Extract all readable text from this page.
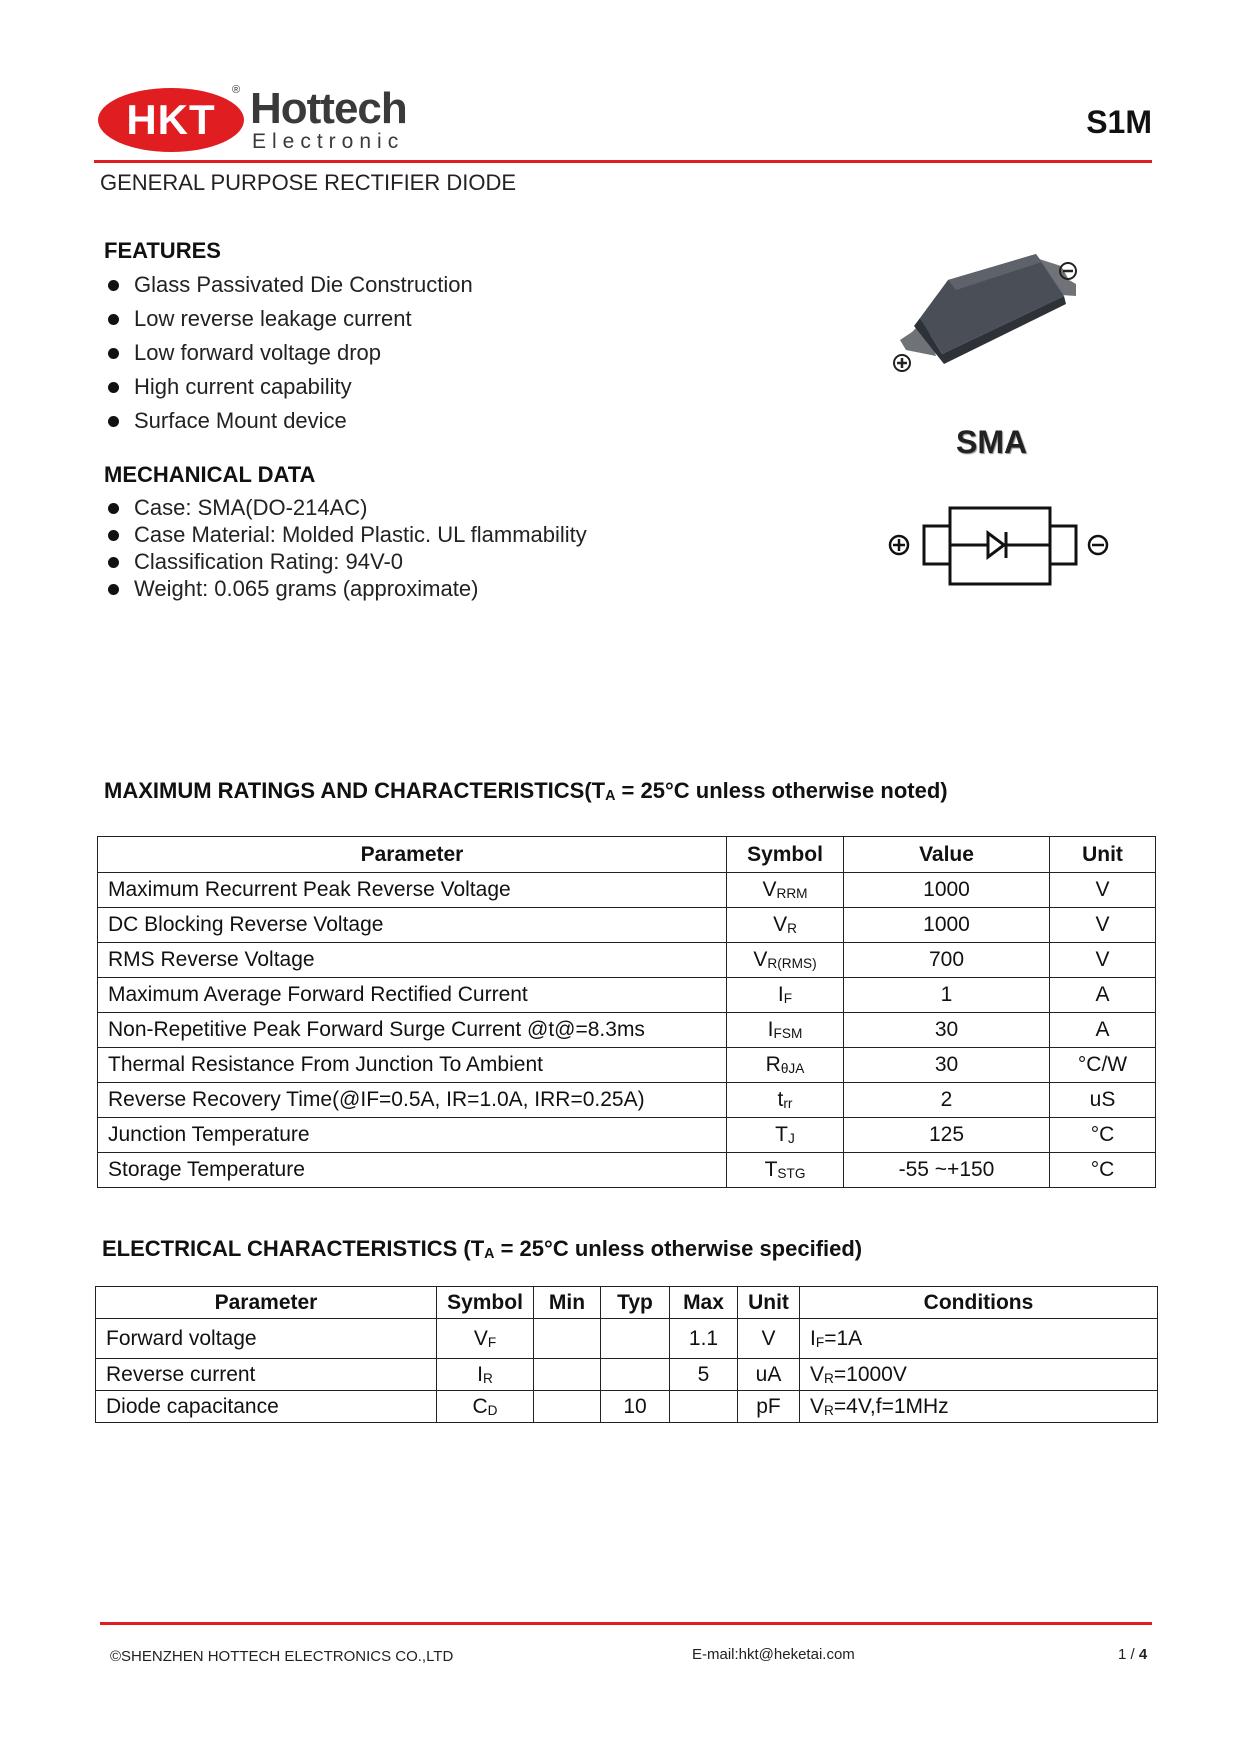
HKT
® Hottech
Electronic
S1M
GENERAL PURPOSE RECTIFIER DIODE
FEATURES
Glass Passivated Die Construction
Low reverse leakage current
Low forward voltage drop
High current capability
Surface Mount device
MECHANICAL DATA
Case: SMA(DO-214AC)
Case Material: Molded Plastic. UL flammability
Classification Rating: 94V-0
Weight: 0.065 grams (approximate)
SMA
MAXIMUM RATINGS AND $CHARACTERISTICS(T_A = 25^\circ C$ unless otherwise noted)
Parameter	Symbol	Value	Unit
Maximum Recurrent Peak Reverse Voltage	$V_{RRM}$	1000	V
DC Blocking Reverse Voltage	$V_R$	1000	V
RMS Reverse Voltage	$V_{R(RMS)}$	700	V
Maximum Average Forward Rectified Current	$I_F$	1	A
Non-Repetitive Peak Forward Surge Current @t@=8.3ms	$I_{FSM}$	30	A
Thermal Resistance From Junction To Ambient	$R_{\theta JA}$	30	°C/W
Reverse Recovery Time(@IF=0.5A, IR=1.0A, IRR=0.25A)	$t_{rr}$	2	uS
Junction Temperature	$T_J$	125	°C
Storage Temperature	$T_{STG}$	-55 ~+150	°C
ELECTRICAL CHARACTERISTICS ($T_A = 25^\circ C$ unless otherwise specified)
Parameter	Symbol	Min	Typ	Max	Unit	Conditions
Forward voltage	$V_F$			1.1	V	$I_F=1A$
Reverse current	$I_R$			5	uA	$V_R=1000V$
Diode capacitance	$C_D$		10		pF	$V_R=4V,f=1MHz$
©SHENZHEN HOTTECH ELECTRONICS CO.,LTD	E-mail:hkt@heketai.com	1 / 4
